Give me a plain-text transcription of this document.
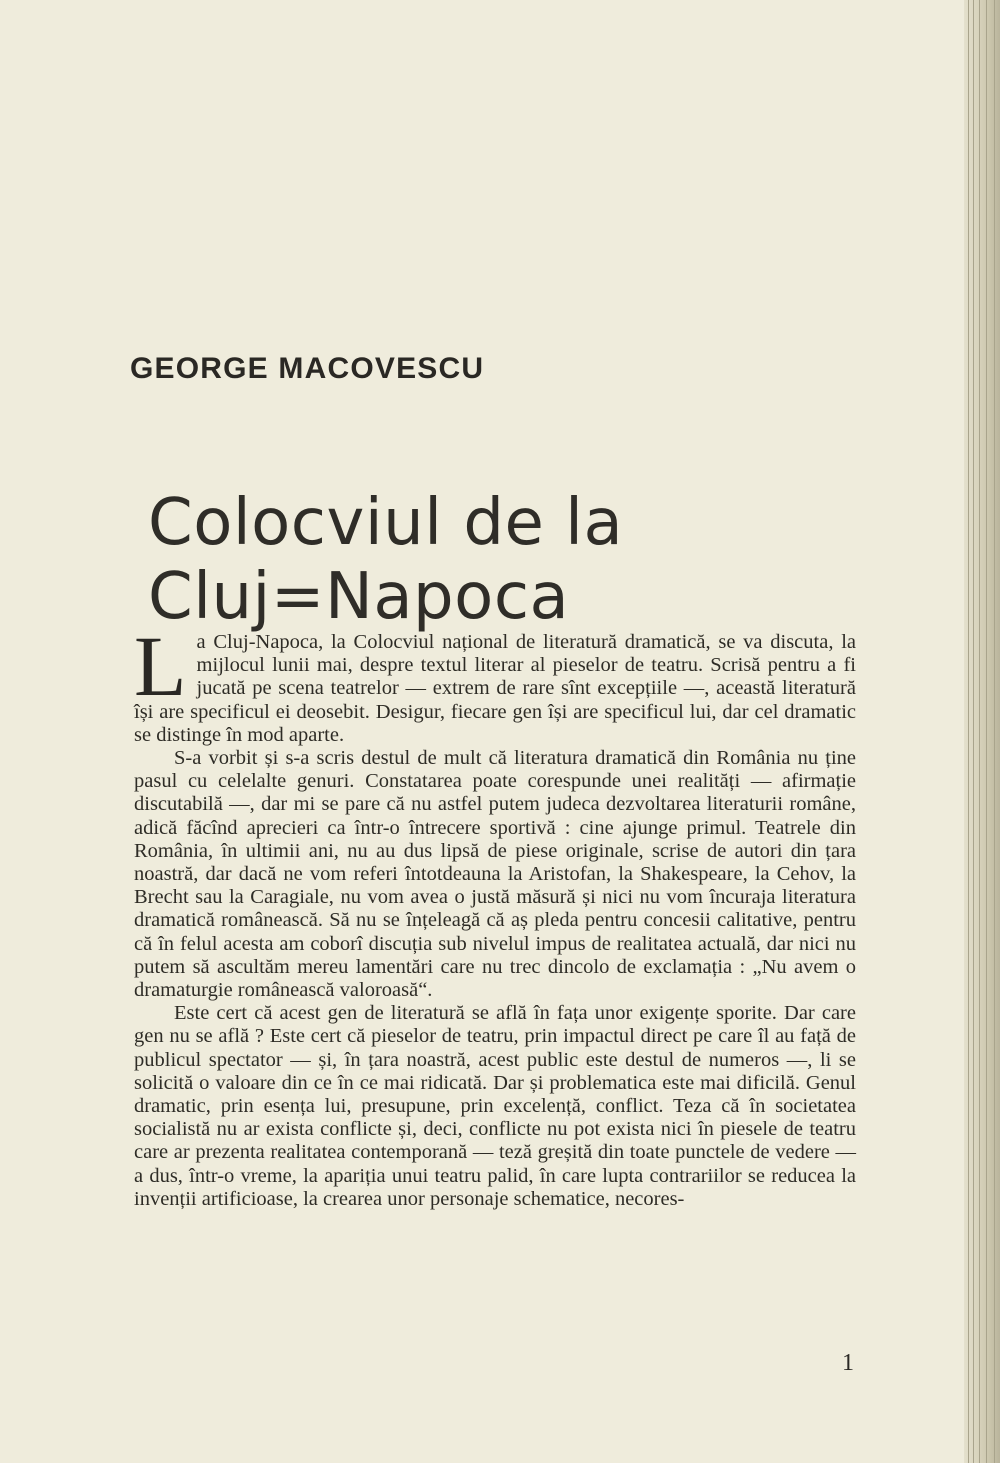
GEORGE MACOVESCU
Colocviul de la Cluj=Napoca

La Cluj-Napoca, la Colocviul național de literatură dramatică, se va discuta, la mijlocul lunii mai, despre textul literar al pieselor de teatru. Scrisă pentru a fi jucată pe scena teatrelor — extrem de rare sînt excepțiile —, această literatură își are specificul ei deosebit. Desigur, fiecare gen își are specificul lui, dar cel dramatic se distinge în mod aparte.

S-a vorbit și s-a scris destul de mult că literatura dramatică din România nu ține pasul cu celelalte genuri. Constatarea poate corespunde unei realități — afirmație discutabilă —, dar mi se pare că nu astfel putem judeca dezvoltarea literaturii române, adică făcînd aprecieri ca într-o întrecere sportivă : cine ajunge primul. Teatrele din România, în ultimii ani, nu au dus lipsă de piese originale, scrise de autori din țara noastră, dar dacă ne vom referi întotdeauna la Aristofan, la Shakespeare, la Cehov, la Brecht sau la Caragiale, nu vom avea o justă măsură și nici nu vom încuraja literatura dramatică românească. Să nu se înțeleagă că aș pleda pentru concesii calitative, pentru că în felul acesta am coborî discuția sub nivelul impus de realitatea actuală, dar nici nu putem să ascultăm mereu lamentări care nu trec dincolo de exclamația : „Nu avem o dramaturgie românească valoroasă“.

Este cert că acest gen de literatură se află în fața unor exigențe sporite. Dar care gen nu se află ? Este cert că pieselor de teatru, prin impactul direct pe care îl au față de publicul spectator — și, în țara noastră, acest public este destul de numeros —, li se solicită o valoare din ce în ce mai ridicată. Dar și problematica este mai dificilă. Genul dramatic, prin esența lui, presupune, prin excelență, conflict. Teza că în societatea socialistă nu ar exista conflicte și, deci, conflicte nu pot exista nici în piesele de teatru care ar prezenta realitatea contemporană — teză greșită din toate punctele de vedere — a dus, într-o vreme, la apariția unui teatru palid, în care lupta contrariilor se reducea la invenții artificioase, la crearea unor personaje schematice, necores-

1
